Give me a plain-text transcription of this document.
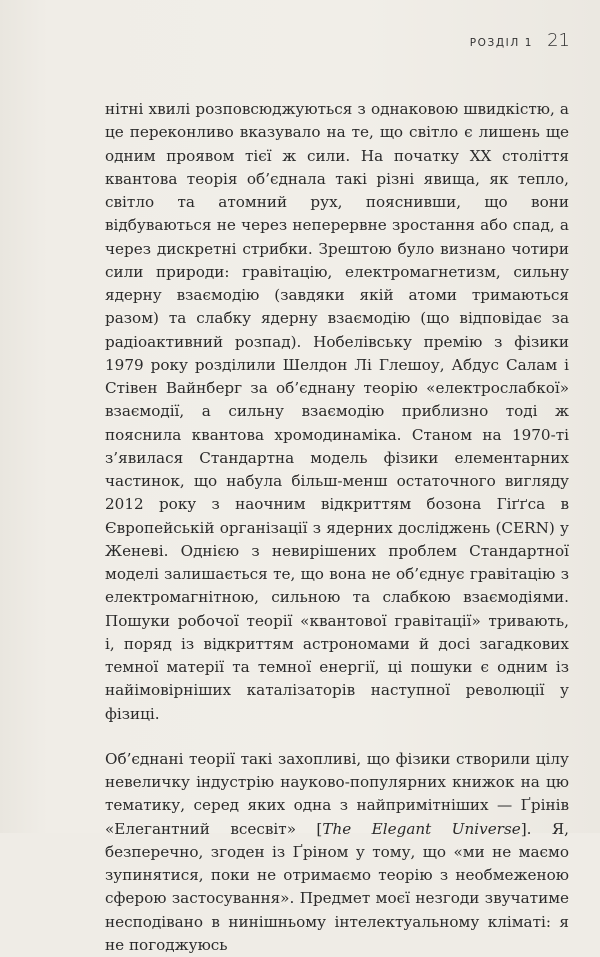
РОЗДІЛ 1 21

нітні хвилі розповсюджуються з однаковою швидкістю, а це переконливо вказувало на те, що світло є лишень ще одним проявом тієї ж сили. На початку XX століття квантова теорія об’єднала такі різні явища, як тепло, світло та атомний рух, пояснивши, що вони відбуваються не через неперервне зростання або спад, а через дискретні стрибки. Зрештою було визнано чотири сили природи: гравітацію, електромагнетизм, сильну ядерну взаємодію (завдяки якій атоми тримаються разом) та слабку ядерну взаємодію (що відповідає за радіоактивний розпад). Нобелівську премію з фізики 1979 року розділили Шелдон Лі Глешоу, Абдус Салам і Стівен Вайнберг за об’єднану теорію «електрослабкої» взаємодії, а сильну взаємодію приблизно тоді ж пояснила квантова хромодинаміка. Станом на 1970-ті з’явилася Стандартна модель фізики елементарних частинок, що набула більш-менш остаточного вигляду 2012 року з наочним відкриттям бозона Гіґґса в Європейській організації з ядерних досліджень (CERN) у Женеві. Однією з невирішених проблем Стандартної моделі залишається те, що вона не об’єднує гравітацію з електромагнітною, сильною та слабкою взаємодіями. Пошуки робочої теорії «квантової гравітації» тривають, і, поряд із відкриттям астрономами й досі загадкових темної матерії та темної енергії, ці пошуки є одним із найімовірніших каталізаторів наступної революції у фізиці.

Об’єднані теорії такі захопливі, що фізики створили цілу невеличку індустрію науково-популярних книжок на цю тематику, серед яких одна з найпримітніших — Ґрінів «Елегантний всесвіт» [The Elegant Universe]. Я, безперечно, згоден із Ґріном у тому, що «ми не маємо зупинятися, поки не отримаємо теорію з необмеженою сферою застосування». Предмет моєї незгоди звучатиме несподівано в нинішньому інтелектуальному кліматі: я не погоджуюсь
